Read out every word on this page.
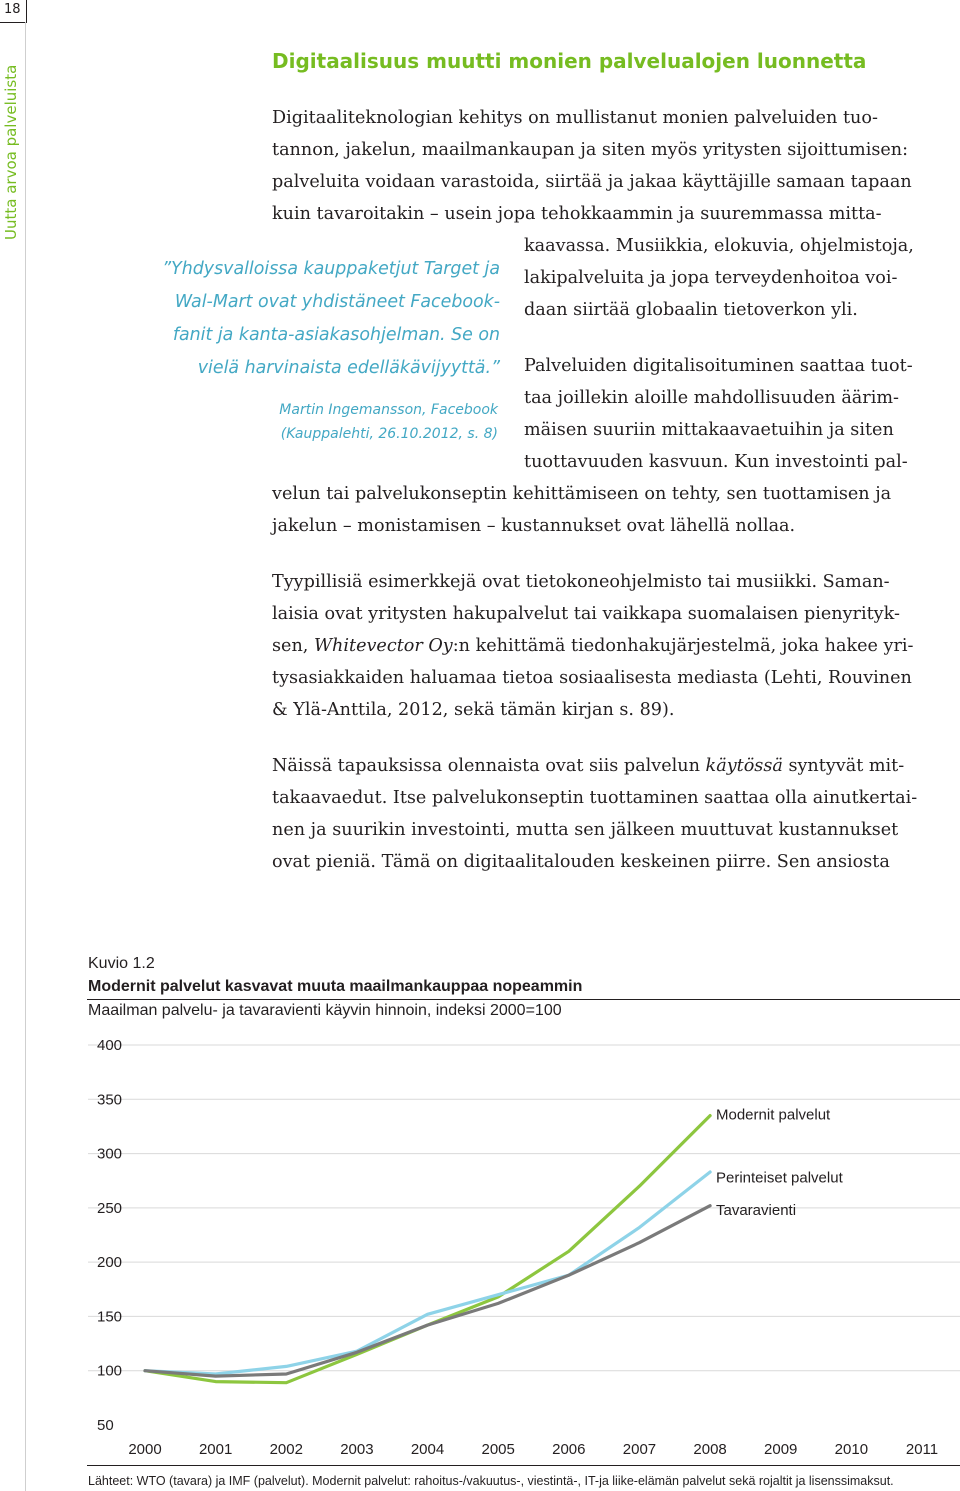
18
Uutta arvoa palveluista
Digitaalisuus muutti monien palvelualojen luonnetta
Digitaaliteknologian kehitys on mullistanut monien palveluiden tuo-
tannon, jakelun, maailmankaupan ja siten myös yritysten sijoittumisen:
palveluita voidaan varastoida, siirtää ja jakaa käyttäjille samaan tapaan
kuin tavaroitakin – usein jopa tehokkaammin ja suuremmassa mitta-
kaavassa. Musiikkia, elokuvia, ohjelmistoja,
lakipalveluita ja jopa terveydenhoitoa voi-
daan siirtää globaalin tietoverkon yli.
Palveluiden digitalisoituminen saattaa tuot-
taa joillekin aloille mahdollisuuden äärim-
mäisen suuriin mittakaavaetuihin ja siten
tuottavuuden kasvuun. Kun investointi pal-
velun tai palvelukonseptin kehittämiseen on tehty, sen tuottamisen ja
jakelun – monistamisen – kustannukset ovat lähellä nollaa.
Tyypillisiä esimerkkejä ovat tietokoneohjelmisto tai musiikki. Saman-
laisia ovat yritysten hakupalvelut tai vaikkapa suomalaisen pienyrityk-
sen, Whitevector Oy:n kehittämä tiedonhakujärjestelmä, joka hakee yri-
tysasiakkaiden haluamaa tietoa sosiaalisesta mediasta (Lehti, Rouvinen
& Ylä-Anttila, 2012, sekä tämän kirjan s. 89).
Näissä tapauksissa olennaista ovat siis palvelun käytössä syntyvät mit-
takaavaedut. Itse palvelukonseptin tuottaminen saattaa olla ainutkertai-
nen ja suurikin investointi, mutta sen jälkeen muuttuvat kustannukset
ovat pieniä. Tämä on digitaalitalouden keskeinen piirre. Sen ansiosta
”Yhdysvalloissa kauppaketjut Target ja
Wal-Mart ovat yhdistäneet Facebook-
fanit ja kanta-asiakasohjelman. Se on
vielä harvinaista edelläkävijyyttä.”
Martin Ingemansson, Facebook
(Kauppalehti, 26.10.2012, s. 8)
Kuvio 1.2
Modernit palvelut kasvavat muuta maailmankauppaa nopeammin
Maailman palvelu- ja tavaravienti käyvin hinnoin, indeksi 2000=100
50
100
150
200
250
300
350
400
2000 2001 2002 2003 2004 2005 2006 2007 2008 2009 2010	2011
Modernit palvelut
Perinteiset palvelut
Tavaravienti
Lähteet: WTO (tavara) ja IMF (palvelut). Modernit palvelut: rahoitus-/vakuutus-, viestintä-, IT-ja liike-elämän palvelut sekä rojaltit ja lisenssimaksut.
